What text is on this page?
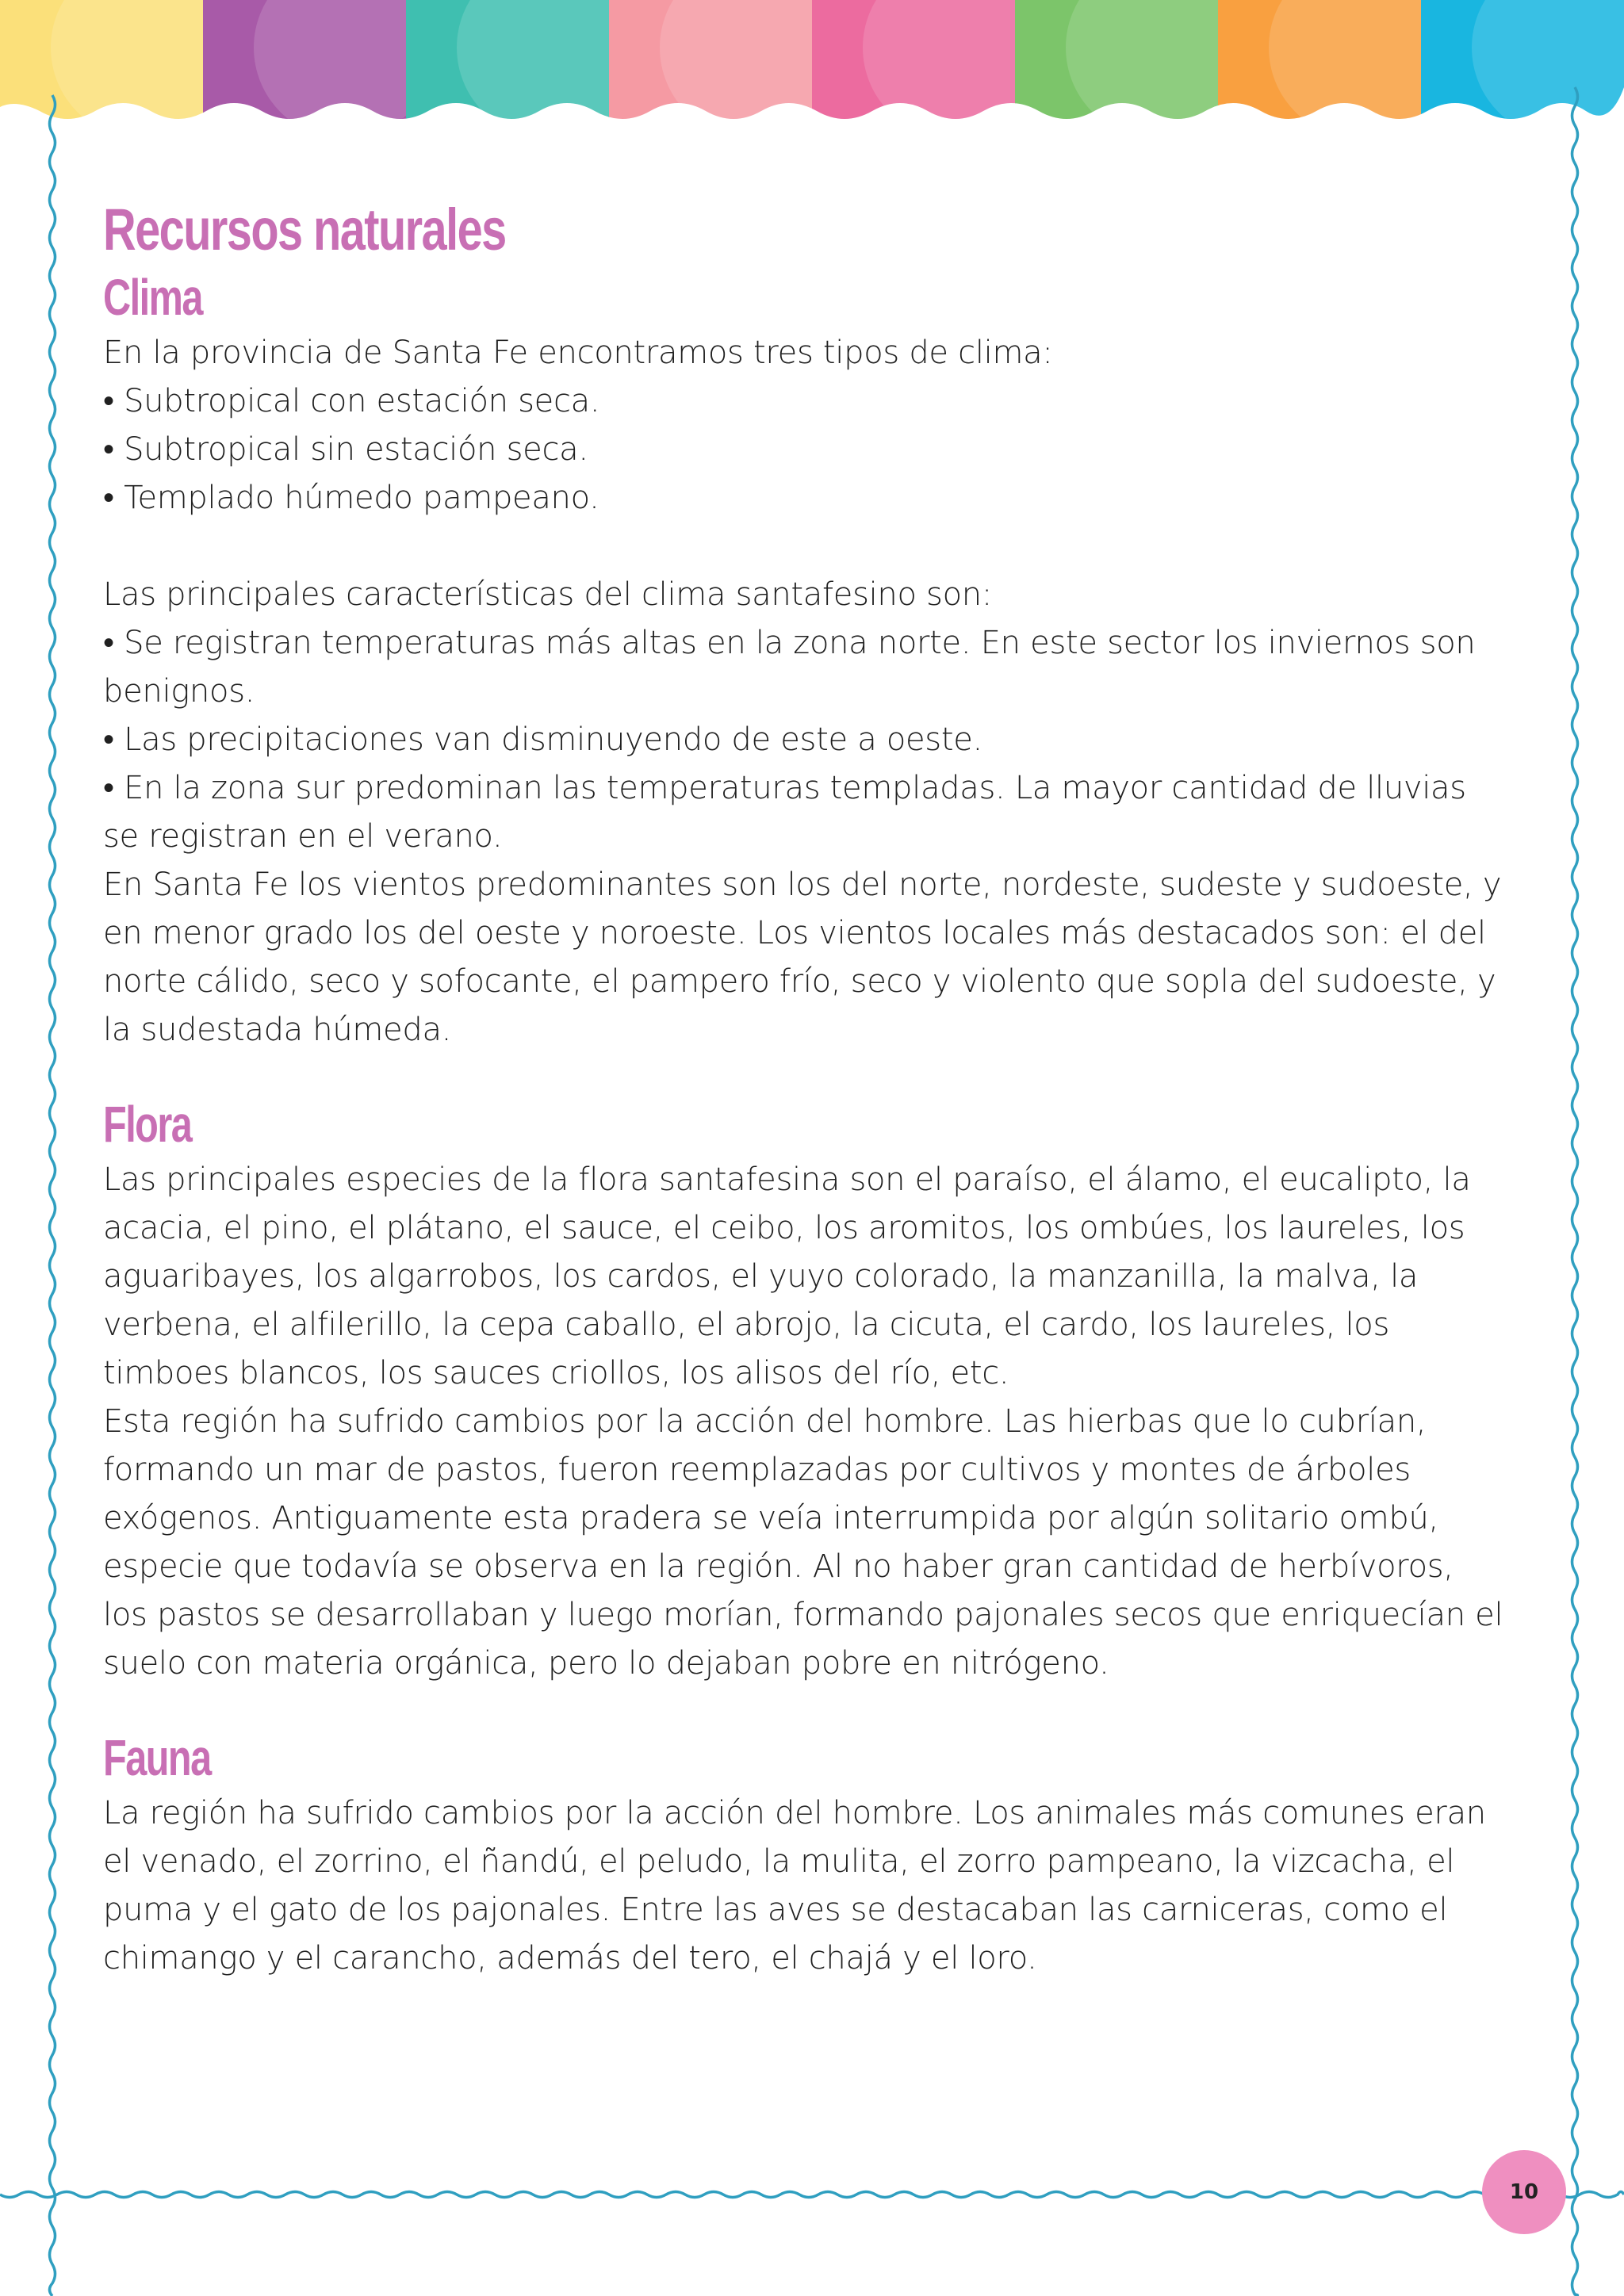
Recursos naturales
Clima

En la provincia de Santa Fe encontramos tres tipos de clima:

• Subtropical con estación seca.

• Subtropical sin estación seca.

• Templado húmedo pampeano.

Las principales características del clima santafesino son:

• Se registran temperaturas más altas en la zona norte. En este sector los inviernos son benignos.

• Las precipitaciones van disminuyendo de este a oeste.

• En la zona sur predominan las temperaturas templadas. La mayor cantidad de lluvias se registran en el verano.

En Santa Fe los vientos predominantes son los del norte, nordeste, sudeste y sudoeste, y en menor grado los del oeste y noroeste. Los vientos locales más destacados son: el del norte cálido, seco y sofocante, el pampero frío, seco y violento que sopla del sudoeste, y la sudestada húmeda.

Flora

Las principales especies de la flora santafesina son el paraíso, el álamo, el eucalipto, la acacia, el pino, el plátano, el sauce, el ceibo, los aromitos, los ombúes, los laureles, los aguaribayes, los algarrobos, los cardos, el yuyo colorado, la manzanilla, la malva, la verbena, el alfilerillo, la cepa caballo, el abrojo, la cicuta, el cardo, los laureles, los timboes blancos, los sauces criollos, los alisos del río, etc.

Esta región ha sufrido cambios por la acción del hombre. Las hierbas que lo cubrían, formando un mar de pastos, fueron reemplazadas por cultivos y montes de árboles exógenos. Antiguamente esta pradera se veía interrumpida por algún solitario ombú, especie que todavía se observa en la región. Al no haber gran cantidad de herbívoros, los pastos se desarrollaban y luego morían, formando pajonales secos que enriquecían el suelo con materia orgánica, pero lo dejaban pobre en nitrógeno.

Fauna

La región ha sufrido cambios por la acción del hombre. Los animales más comunes eran el venado, el zorrino, el ñandú, el peludo, la mulita, el zorro pampeano, la vizcacha, el puma y el gato de los pajonales. Entre las aves se destacaban las carniceras, como el chimango y el carancho, además del tero, el chajá y el loro.

10
